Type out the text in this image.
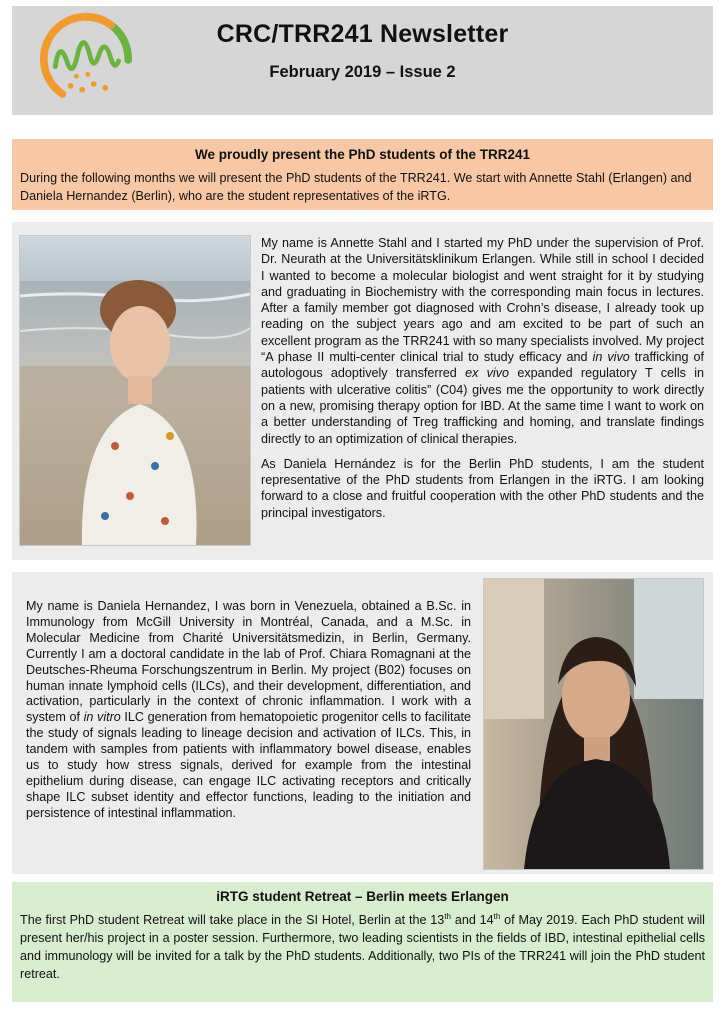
CRC/TRR241 Newsletter
February 2019 – Issue 2
We proudly present the PhD students of the TRR241

During the following months we will present the PhD students of the TRR241. We start with Annette Stahl (Erlangen) and Daniela Hernandez (Berlin), who are the student representatives of the iRTG.

My name is Annette Stahl and I started my PhD under the supervision of Prof. Dr. Neurath at the Universitätsklinikum Erlangen. While still in school I decided I wanted to become a molecular biologist and went straight for it by studying and graduating in Biochemistry with the corresponding main focus in lectures. After a family member got diagnosed with Crohn’s disease, I already took up reading on the subject years ago and am excited to be part of such an excellent program as the TRR241 with so many specialists involved. My project “A phase II multi-center clinical trial to study efficacy and in vivo trafficking of autologous adoptively transferred ex vivo expanded regulatory T cells in patients with ulcerative colitis” (C04) gives me the opportunity to work directly on a new, promising therapy option for IBD. At the same time I want to work on a better understanding of Treg trafficking and homing, and translate findings directly to an optimization of clinical therapies.

As Daniela Hernández is for the Berlin PhD students, I am the student representative of the PhD students from Erlangen in the iRTG. I am looking forward to a close and fruitful cooperation with the other PhD students and the principal investigators.

My name is Daniela Hernandez, I was born in Venezuela, obtained a B.Sc. in Immunology from McGill University in Montréal, Canada, and a M.Sc. in Molecular Medicine from Charité Universitätsmedizin, in Berlin, Germany. Currently I am a doctoral candidate in the lab of Prof. Chiara Romagnani at the Deutsches-Rheuma Forschungszentrum in Berlin. My project (B02) focuses on human innate lymphoid cells (ILCs), and their development, differentiation, and activation, particularly in the context of chronic inflammation. I work with a system of in vitro ILC generation from hematopoietic progenitor cells to facilitate the study of signals leading to lineage decision and activation of ILCs. This, in tandem with samples from patients with inflammatory bowel disease, enables us to study how stress signals, derived for example from the intestinal epithelium during disease, can engage ILC activating receptors and critically shape ILC subset identity and effector functions, leading to the initiation and persistence of intestinal inflammation.

iRTG student Retreat – Berlin meets Erlangen

The first PhD student Retreat will take place in the SI Hotel, Berlin at the 13th and 14th of May 2019. Each PhD student will present her/his project in a poster session. Furthermore, two leading scientists in the fields of IBD, intestinal epithelial cells and immunology will be invited for a talk by the PhD students. Additionally, two PIs of the TRR241 will join the PhD student retreat.
